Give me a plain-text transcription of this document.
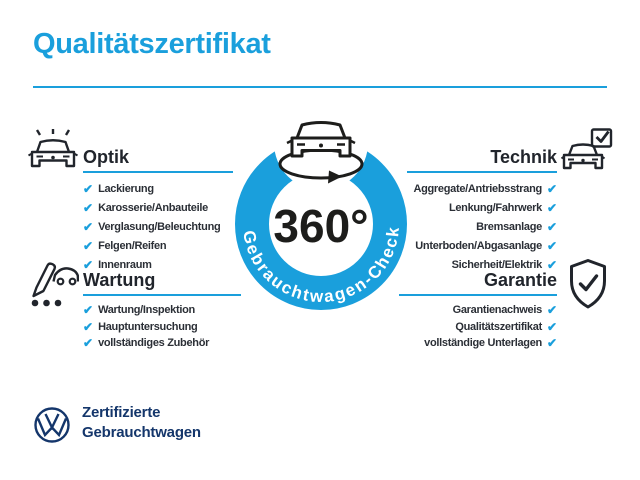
Qualitätszertifikat
Optik
✔ Lackierung
✔ Karosserie/Anbauteile
✔ Verglasung/Beleuchtung
✔ Felgen/Reifen
✔ Innenraum
Technik
Aggregate/Antriebsstrang ✔
Lenkung/Fahrwerk ✔
Bremsanlage ✔
Unterboden/Abgasanlage ✔
Sicherheit/Elektrik ✔
Wartung
✔ Wartung/Inspektion
✔ Hauptuntersuchung
✔ vollständiges Zubehör
Garantie
Garantienachweis ✔
Qualitätszertifikat ✔
vollständige Unterlagen ✔
360°
Gebrauchtwagen-Check
Zertifizierte
Gebrauchtwagen
